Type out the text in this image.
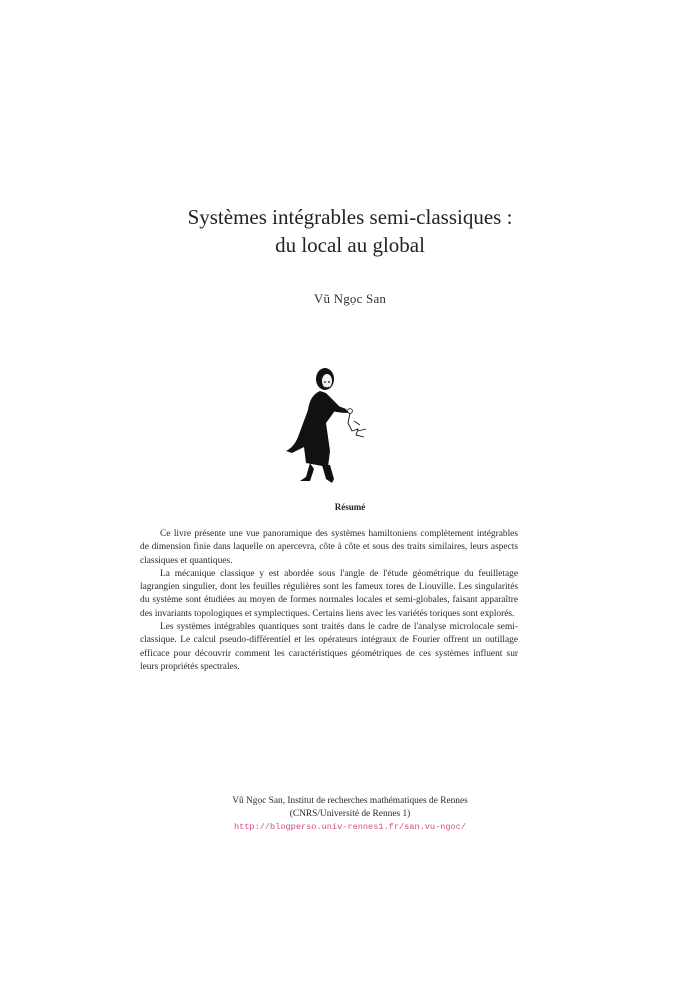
Systèmes intégrables semi-classiques :
du local au global
Vũ Ngọc San
Résumé

Ce livre présente une vue panoramique des systèmes hamiltoniens complètement intégrables de dimension finie dans laquelle on apercevra, côte à côte et sous des traits similaires, leurs aspects classiques et quantiques.

La mécanique classique y est abordée sous l'angle de l'étude géométrique du feuilletage lagrangien singulier, dont les feuilles régulières sont les fameux tores de Liouville. Les singularités du système sont étudiées au moyen de formes normales locales et semi-globales, faisant apparaître des invariants topologiques et symplectiques. Certains liens avec les variétés toriques sont explorés.

Les systèmes intégrables quantiques sont traités dans le cadre de l'analyse microlocale semi-classique. Le calcul pseudo-différentiel et les opérateurs intégraux de Fourier offrent un outillage efficace pour découvrir comment les caractéristiques géométriques de ces systèmes influent sur leurs propriétés spectrales.

Vũ Ngọc San, Institut de recherches mathématiques de Rennes
(CNRS/Université de Rennes 1)
http://blogperso.univ-rennes1.fr/san.vu-ngoc/
